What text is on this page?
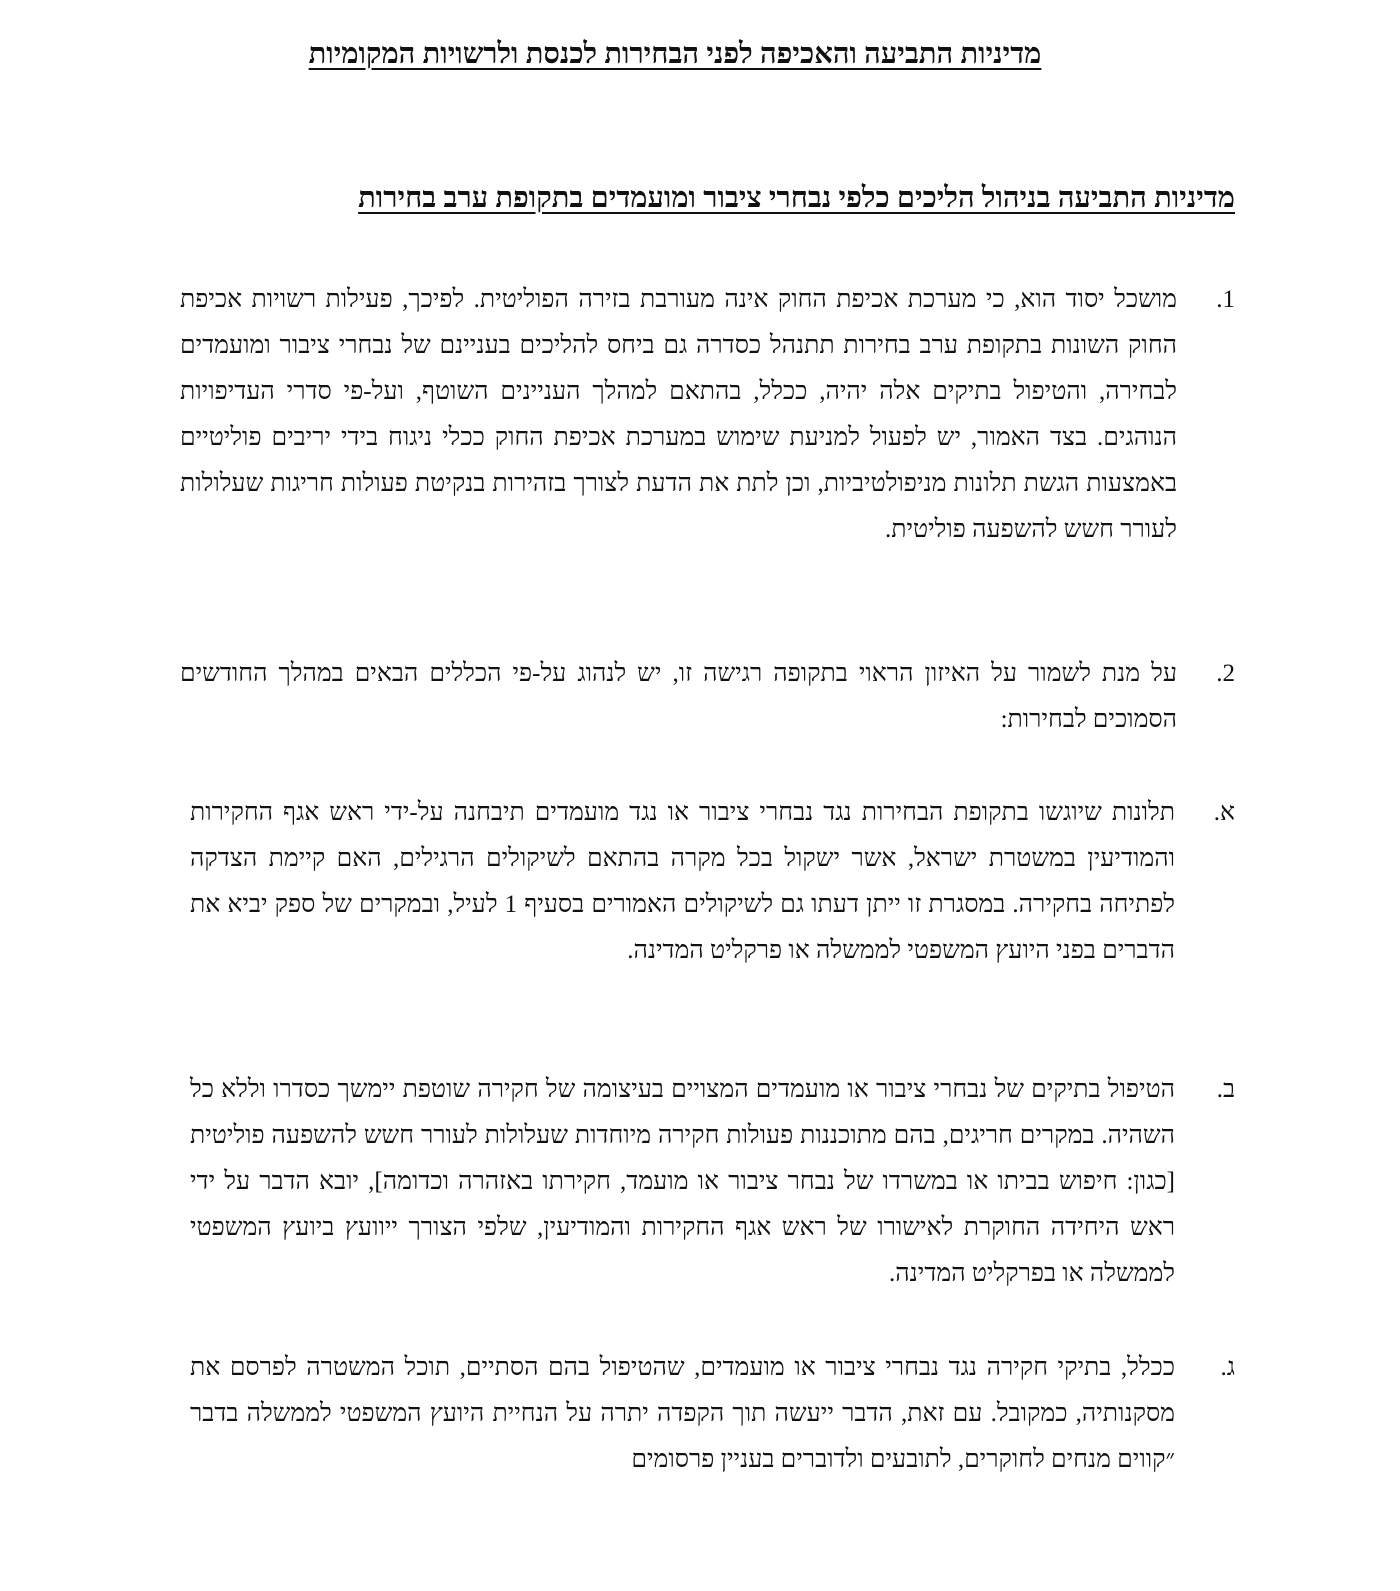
מדיניות התביעה והאכיפה לפני הבחירות לכנסת ולרשויות המקומיות
מדיניות התביעה בניהול הליכים כלפי נבחרי ציבור ומועמדים בתקופת ערב בחירות
1.
מושכל יסוד הוא, כי מערכת אכיפת החוק אינה מעורבת בזירה הפוליטית. לפיכך, פעילות רשויות אכיפת החוק השונות בתקופת ערב בחירות תתנהל כסדרה גם ביחס להליכים בעניינם של נבחרי ציבור ומועמדים לבחירה, והטיפול בתיקים אלה יהיה, ככלל, בהתאם למהלך העניינים השוטף, ועל-פי סדרי העדיפויות הנוהגים. בצד האמור, יש לפעול למניעת שימוש במערכת אכיפת החוק ככלי ניגוח בידי יריבים פוליטיים באמצעות הגשת תלונות מניפולטיביות, וכן לתת את הדעת לצורך בזהירות בנקיטת פעולות חריגות שעלולות לעורר חשש להשפעה פוליטית.
2.
על מנת לשמור על האיזון הראוי בתקופה רגישה זו, יש לנהוג על-פי הכללים הבאים במהלך החודשים הסמוכים לבחירות:
א.
תלונות שיוגשו בתקופת הבחירות נגד נבחרי ציבור או נגד מועמדים תיבחנה על-ידי ראש אגף החקירות והמודיעין במשטרת ישראל, אשר ישקול בכל מקרה בהתאם לשיקולים הרגילים, האם קיימת הצדקה לפתיחה בחקירה. במסגרת זו ייתן דעתו גם לשיקולים האמורים בסעיף 1 לעיל, ובמקרים של ספק יביא את הדברים בפני היועץ המשפטי לממשלה או פרקליט המדינה.
ב.
הטיפול בתיקים של נבחרי ציבור או מועמדים המצויים בעיצומה של חקירה שוטפת יימשך כסדרו וללא כל השהיה. במקרים חריגים, בהם מתוכננות פעולות חקירה מיוחדות שעלולות לעורר חשש להשפעה פוליטית [כגון: חיפוש בביתו או במשרדו של נבחר ציבור או מועמד, חקירתו באזהרה וכדומה], יובא הדבר על ידי ראש היחידה החוקרת לאישורו של ראש אגף החקירות והמודיעין, שלפי הצורך ייוועץ ביועץ המשפטי לממשלה או בפרקליט המדינה.
ג.
ככלל, בתיקי חקירה נגד נבחרי ציבור או מועמדים, שהטיפול בהם הסתיים, תוכל המשטרה לפרסם את מסקנותיה, כמקובל. עם זאת, הדבר ייעשה תוך הקפדה יתרה על הנחיית היועץ המשפטי לממשלה בדבר ״קווים מנחים לחוקרים, לתובעים ולדוברים בעניין פרסומים
